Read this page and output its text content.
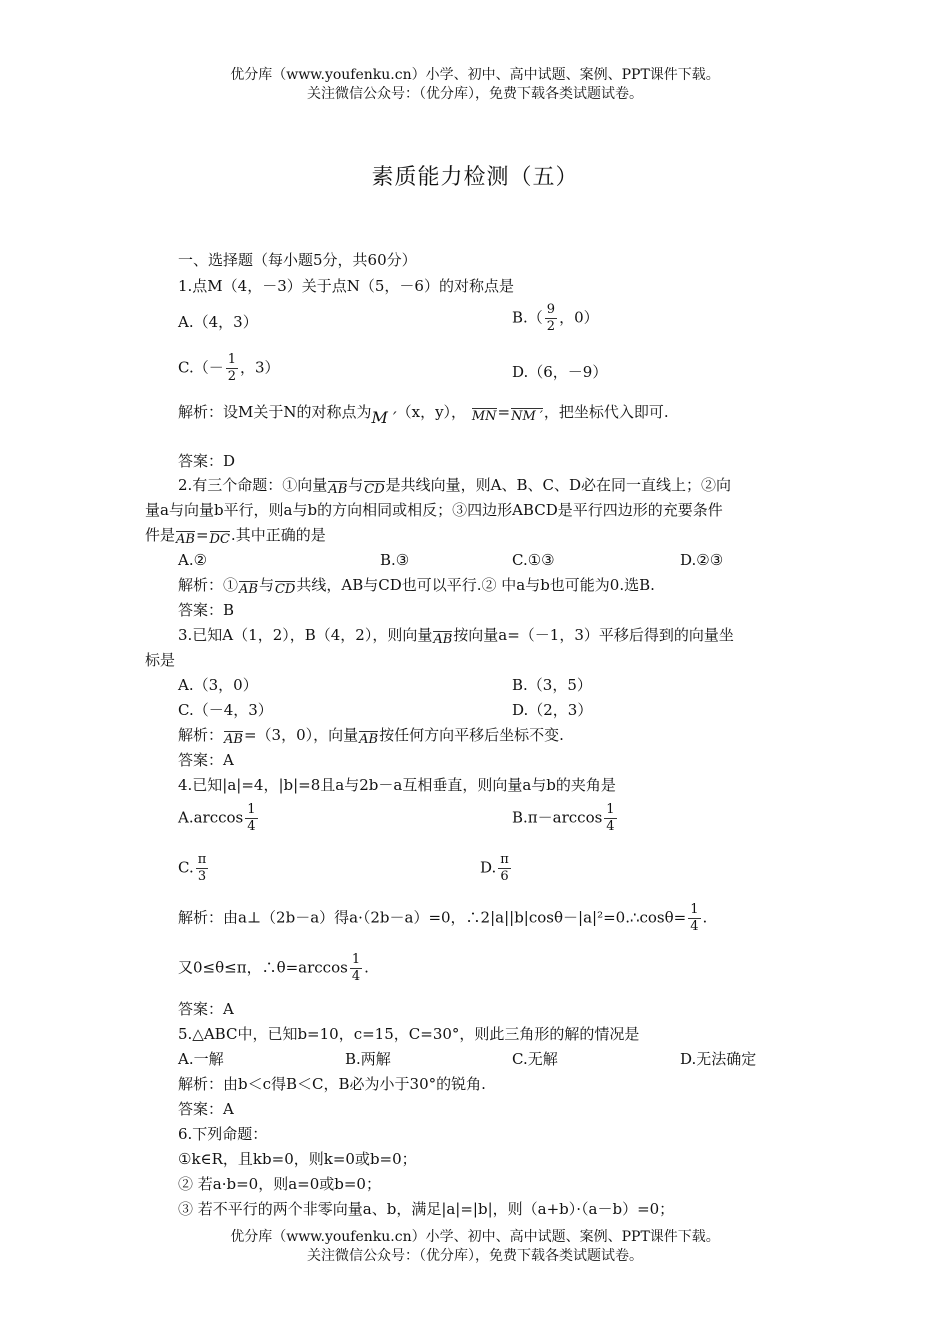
优分库（www.youfenku.cn）小学、初中、高中试题、案例、PPT课件下载。
关注微信公众号：（优分库），免费下载各类试题试卷。
素质能力检测（五）
一、选择题（每小题5分，共60分）
1.点M（4，－3）关于点N（5，－6）的对称点是
A.（4，3）	$B.( \frac{9}{2}$ ，0）
$C.(- \frac{1}{2}$ ，3）	D.（6，－9）
解析：设M关于N的对称点为M ′（x，y）， MN=NM ′，把坐标代入即可.
答案：D
2.有三个命题：①向量AB与CD是共线向量，则A、B、C、D必在同一直线上；②向
量a与向量b平行，则a与b的方向相同或相反；③四边形ABCD是平行四边形的充要条件
件是AB=DC.其中正确的是
A.②	B.③	C.①③	D.②③
解析：①AB与CD共线，AB与CD也可以平行.② 中a与b也可能为0.选B.
答案：B
3.已知A（1，2），B（4，2），则向量AB按向量a=（－1，3）平移后得到的向量坐
标是
A.（3，0）	B.（3，5）
C.（－4，3）	D.（2，3）
解析：AB=（3，0），向量AB按任何方向平移后坐标不变.
答案：A
4.已知|a|=4，|b|=8且a与2b－a互相垂直，则向量a与b的夹角是
$A.\arccos \frac{1}{4}$	$B.\pi-\arccos \frac{1}{4}$
C. $\frac{\pi}{3}$	D. $\frac{\pi}{6}$
解析：由a⊥（2b－a）得a·（2b－a）=0，∴2|a||b|cosθ－|a|²=0.∴cosθ= $\frac{1}{4}$ .
又0≤θ≤π，∴θ=arccos $\frac{1}{4}$ .
答案：A
5.△ABC中，已知b=10，c=15，C=30°，则此三角形的解的情况是
A.一解	B.两解	C.无解	D.无法确定
解析：由b＜c得B＜C，B必为小于30°的锐角.
答案：A
6.下列命题：
①k∈R，且kb=0，则k=0或b=0；
② 若a·b=0，则a=0或b=0；
③ 若不平行的两个非零向量a、b，满足|a|=|b|，则（a+b）·（a－b）=0；
优分库（www.youfenku.cn）小学、初中、高中试题、案例、PPT课件下载。
关注微信公众号：（优分库），免费下载各类试题试卷。
